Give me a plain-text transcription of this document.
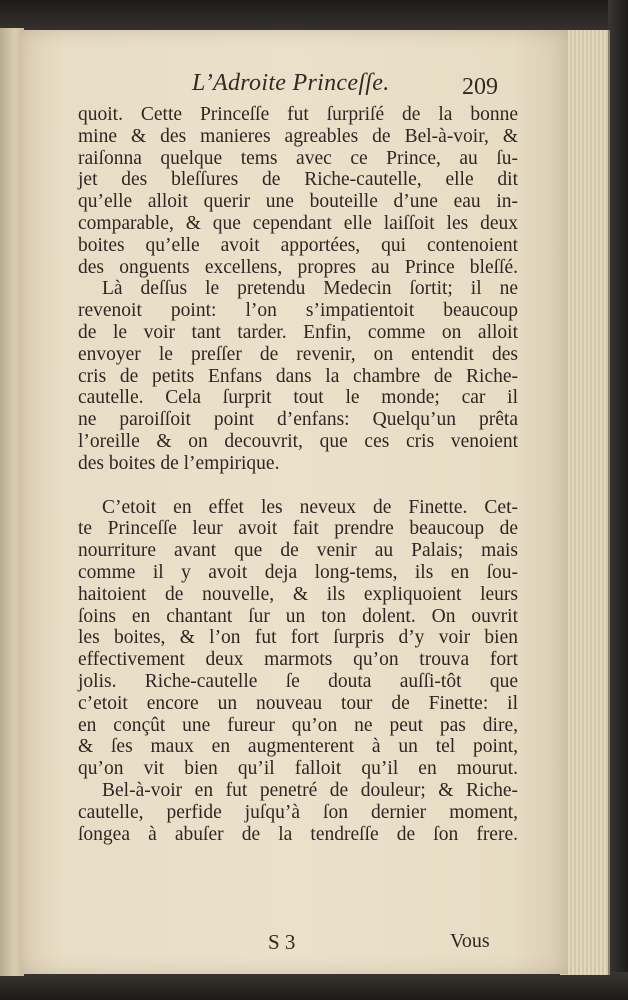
L’Adroite Princeſſe.	209
quoit. Cette Princeſſe fut ſurpriſé de la bonne
mine & des manieres agreables de Bel-à-voir, &
raiſonna quelque tems avec ce Prince, au ſu-
jet des bleſſures de Riche-cautelle, elle dit
qu’elle alloit querir une bouteille d’une eau in-
comparable, & que cependant elle laiſſoit les deux
boites qu’elle avoit apportées, qui contenoient
des onguents excellens, propres au Prince bleſſé.
Là deſſus le pretendu Medecin ſortit; il ne
revenoit point: l’on s’impatientoit beaucoup
de le voir tant tarder. Enfin, comme on alloit
envoyer le preſſer de revenir, on entendit des
cris de petits Enfans dans la chambre de Riche-
cautelle. Cela ſurprit tout le monde; car il
ne paroiſſoit point d’enfans: Quelqu’un prêta
l’oreille & on decouvrit, que ces cris venoient
des boites de l’empirique.
C’etoit en effet les neveux de Finette. Cet-
te Princeſſe leur avoit fait prendre beaucoup de
nourriture avant que de venir au Palais; mais
comme il y avoit deja long-tems, ils en ſou-
haitoient de nouvelle, & ils expliquoient leurs
ſoins en chantant ſur un ton dolent. On ouvrit
les boites, & l’on fut fort ſurpris d’y voir bien
effectivement deux marmots qu’on trouva fort
jolis. Riche-cautelle ſe douta auſſi-tôt que
c’etoit encore un nouveau tour de Finette: il
en conçût une fureur qu’on ne peut pas dire,
& ſes maux en augmenterent à un tel point,
qu’on vit bien qu’il falloit qu’il en mourut.
Bel-à-voir en fut penetré de douleur; & Riche-
cautelle, perfide juſqu’à ſon dernier moment,
ſongea à abuſer de la tendreſſe de ſon frere.
S 3	Vous
